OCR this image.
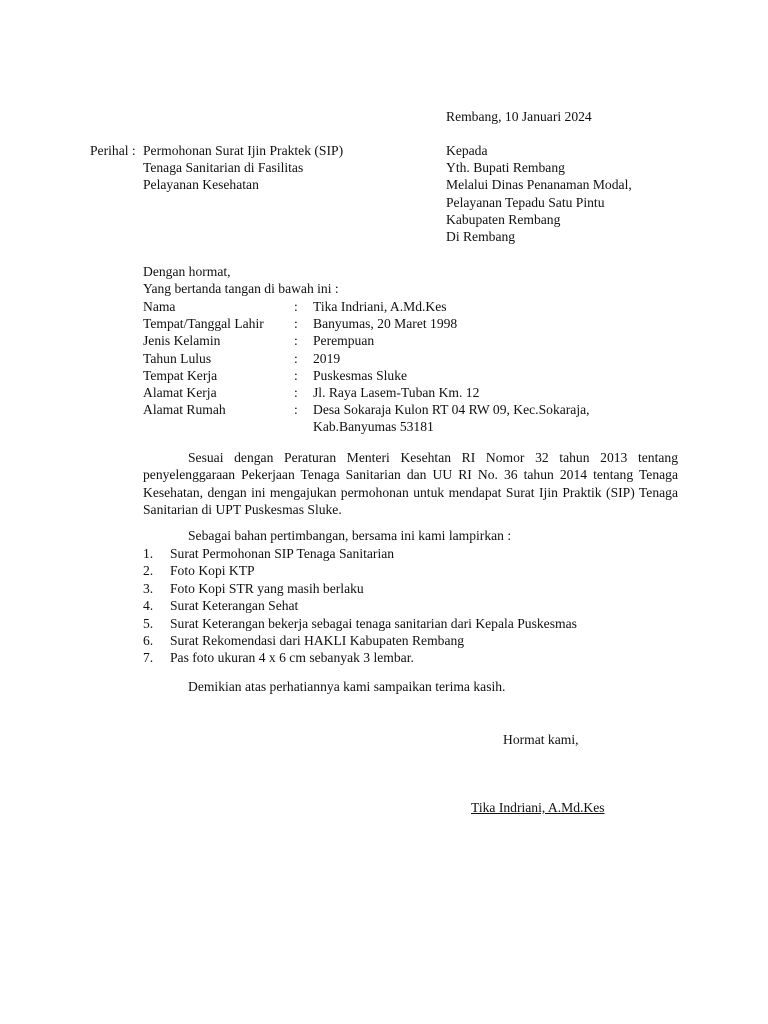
Rembang, 10 Januari 2024
Perihal : Permohonan Surat Ijin Praktek (SIP)
Tenaga Sanitarian di Fasilitas
Pelayanan Kesehatan
Kepada
Yth. Bupati Rembang
Melalui Dinas Penanaman Modal,
Pelayanan Tepadu Satu Pintu
Kabupaten Rembang
Di Rembang
Dengan hormat,
Yang bertanda tangan di bawah ini :
Nama	: Tika Indriani, A.Md.Kes
Tempat/Tanggal Lahir : Banyumas, 20 Maret 1998
Jenis Kelamin	: Perempuan
Tahun Lulus	: 2019
Tempat Kerja	: Puskesmas Sluke
Alamat Kerja	: Jl. Raya Lasem-Tuban Km. 12
Alamat Rumah	: Desa Sokaraja Kulon RT 04 RW 09, Kec.Sokaraja,
Kab.Banyumas 53181

Sesuai dengan Peraturan Menteri Kesehtan RI Nomor 32 tahun 2013 tentang penyelenggaraan Pekerjaan Tenaga Sanitarian dan UU RI No. 36 tahun 2014 tentang Tenaga Kesehatan, dengan ini mengajukan permohonan untuk mendapat Surat Ijin Praktik (SIP) Tenaga Sanitarian di UPT Puskesmas Sluke.

Sebagai bahan pertimbangan, bersama ini kami lampirkan :

1. Surat Permohonan SIP Tenaga Sanitarian
2. Foto Kopi KTP
3. Foto Kopi STR yang masih berlaku
4. Surat Keterangan Sehat
5. Surat Keterangan bekerja sebagai tenaga sanitarian dari Kepala Puskesmas
6. Surat Rekomendasi dari HAKLI Kabupaten Rembang
7. Pas foto ukuran 4 x 6 cm sebanyak 3 lembar.

Demikian atas perhatiannya kami sampaikan terima kasih.

Hormat kami,
Tika Indriani, A.Md.Kes
